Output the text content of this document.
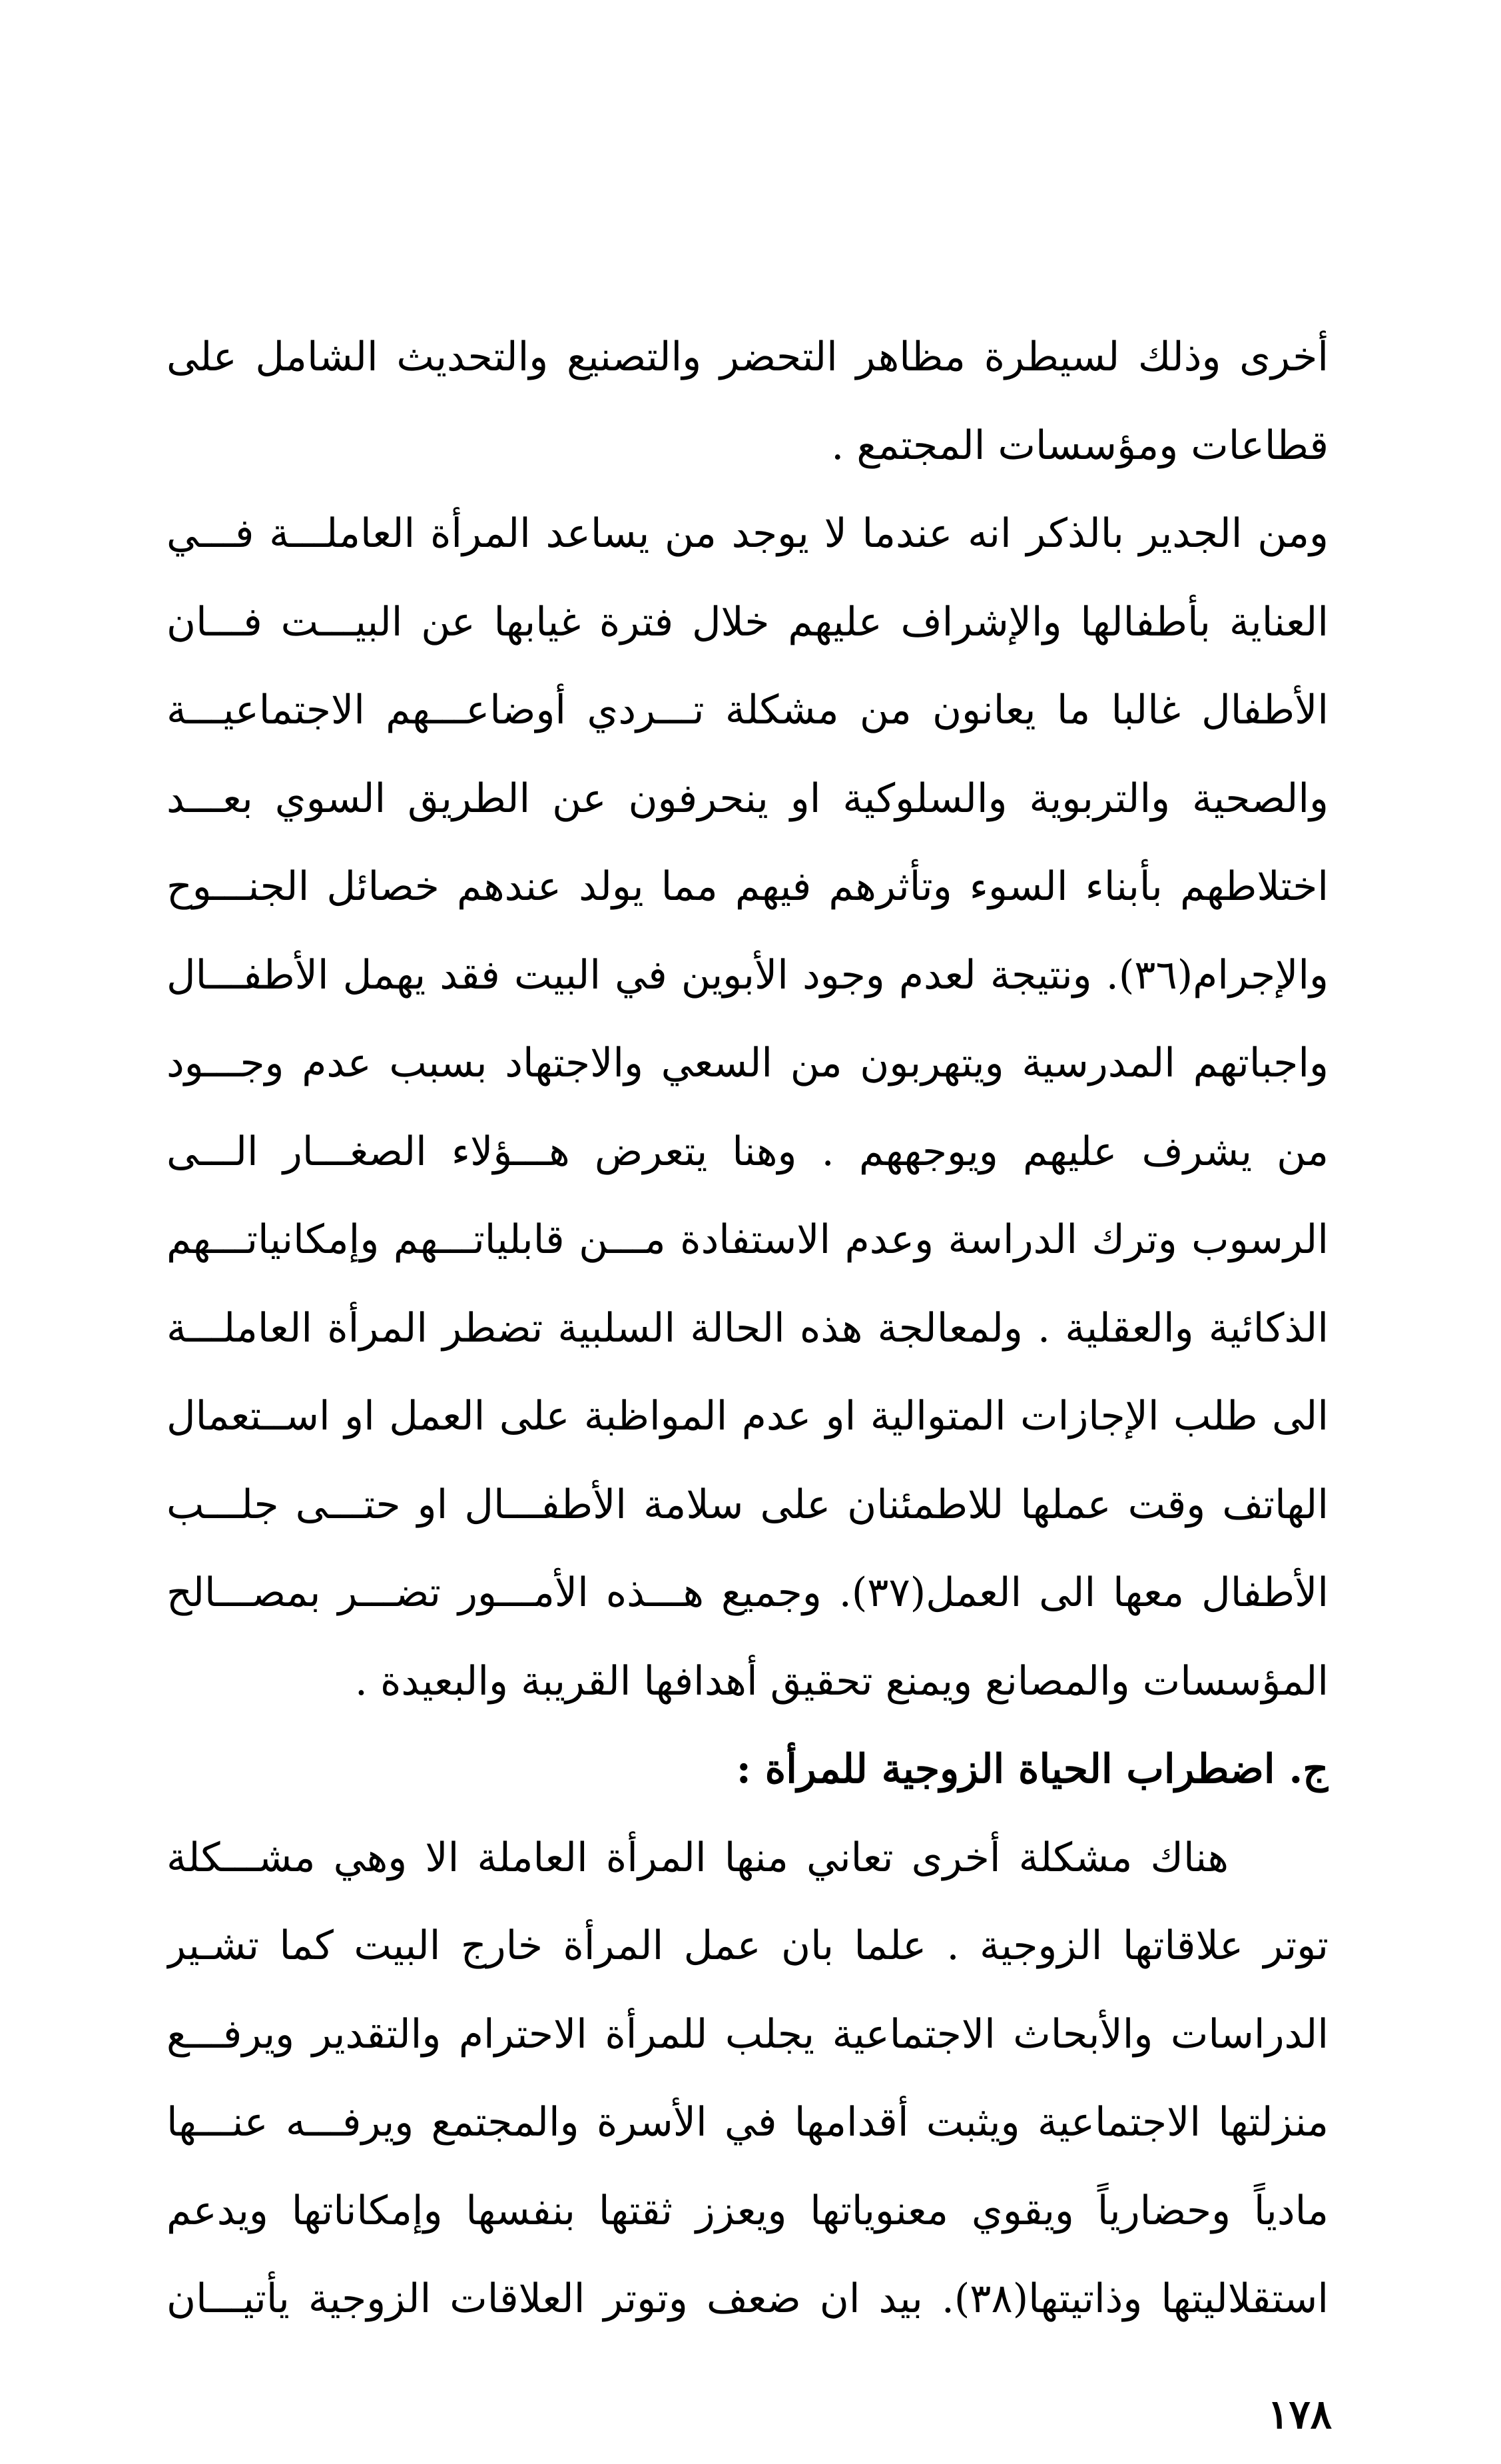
أخرى وذلك لسيطرة مظاهر التحضر والتصنيع والتحديث الشامل على
قطاعات ومؤسسات المجتمع .
ومن الجدير بالذكر انه عندما لا يوجد من يساعد المرأة العاملـــة فـــي
العناية بأطفالها والإشراف عليهم خلال فترة غيابها عن البيـــت فـــان
الأطفال غالبا ما يعانون من مشكلة تـــردي أوضاعـــهم الاجتماعيـــة
والصحية والتربوية والسلوكية او ينحرفون عن الطريق السوي بعـــد
اختلاطهم بأبناء السوء وتأثرهم فيهم مما يولد عندهم خصائل الجنـــوح
والإجرام(٣٦). ونتيجة لعدم وجود الأبوين في البيت فقد يهمل الأطفـــال
واجباتهم المدرسية ويتهربون من السعي والاجتهاد بسبب عدم وجـــود
من يشرف عليهم ويوجههم . وهنا يتعرض هـــؤلاء الصغـــار الـــى
الرسوب وترك الدراسة وعدم الاستفادة مـــن قابلياتـــهم وإمكانياتـــهم
الذكائية والعقلية . ولمعالجة هذه الحالة السلبية تضطر المرأة العاملـــة
الى طلب الإجازات المتوالية او عدم المواظبة على العمل او اســتعمال
الهاتف وقت عملها للاطمئنان على سلامة الأطفـــال او حتـــى جلـــب
الأطفال معها الى العمل(٣٧). وجميع هـــذه الأمـــور تضـــر بمصـــالح
المؤسسات والمصانع ويمنع تحقيق أهدافها القريبة والبعيدة .
ج. اضطراب الحياة الزوجية للمرأة :
هناك مشكلة أخرى تعاني منها المرأة العاملة الا وهي مشـــكلة
توتر علاقاتها الزوجية . علما بان عمل المرأة خارج البيت كما تشـير
الدراسات والأبحاث الاجتماعية يجلب للمرأة الاحترام والتقدير ويرفـــع
منزلتها الاجتماعية ويثبت أقدامها في الأسرة والمجتمع ويرفـــه عنـــها
مادياً وحضارياً ويقوي معنوياتها ويعزز ثقتها بنفسها وإمكاناتها ويدعم
استقلاليتها وذاتيتها(٣٨). بيد ان ضعف وتوتر العلاقات الزوجية يأتيـــان
١٧٨
